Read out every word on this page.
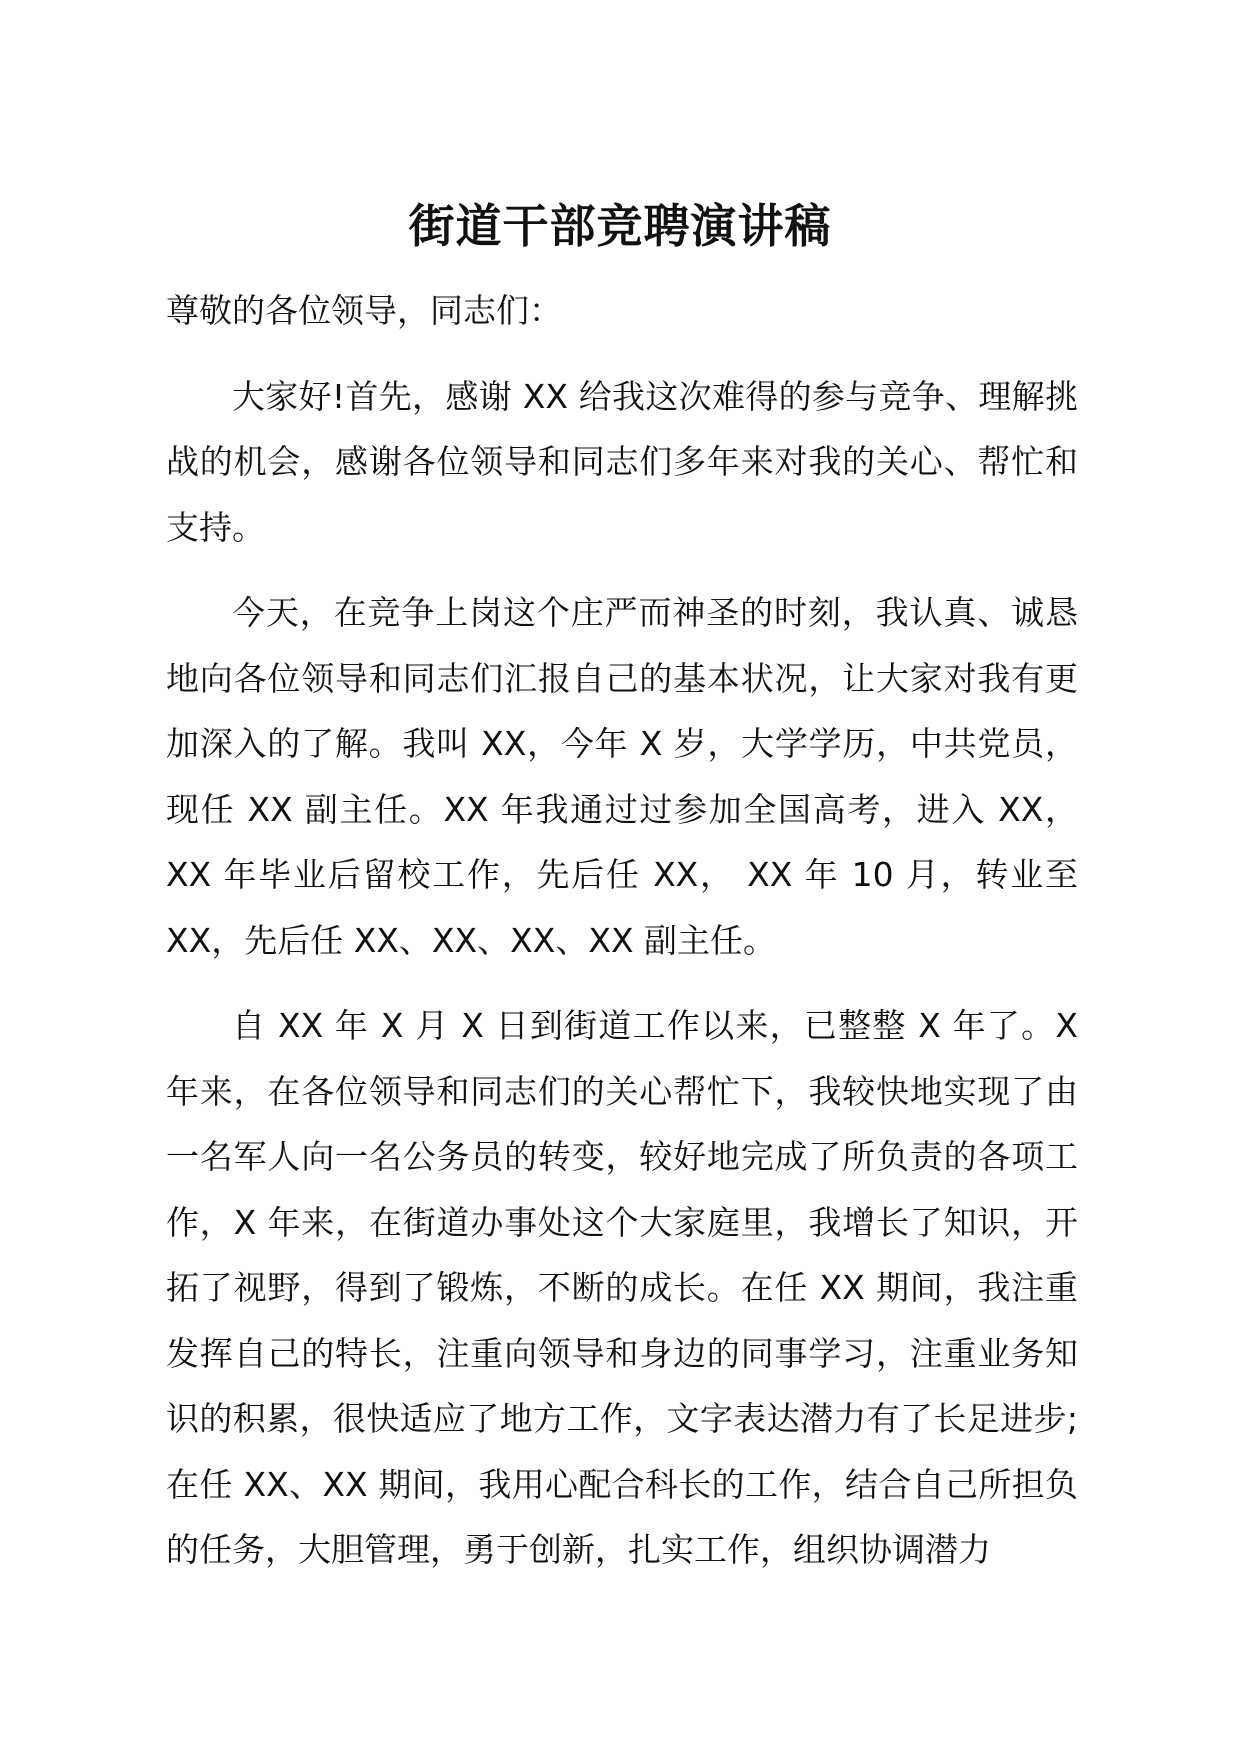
街道干部竞聘演讲稿

尊敬的各位领导，同志们：

大家好!首先，感谢 XX 给我这次难得的参与竞争、理解挑战的机会，感谢各位领导和同志们多年来对我的关心、帮忙和支持。

今天，在竞争上岗这个庄严而神圣的时刻，我认真、诚恳地向各位领导和同志们汇报自己的基本状况，让大家对我有更加深入的了解。我叫 XX，今年 X 岁，大学学历，中共党员，现任 XX 副主任。XX 年我通过过参加全国高考，进入 XX，XX 年毕业后留校工作，先后任 XX， XX 年 10 月，转业至 XX，先后任 XX、XX、XX、XX 副主任。

自 XX 年 X 月 X 日到街道工作以来，已整整 X 年了。X 年来，在各位领导和同志们的关心帮忙下，我较快地实现了由一名军人向一名公务员的转变，较好地完成了所负责的各项工作，X 年来，在街道办事处这个大家庭里，我增长了知识，开拓了视野，得到了锻炼，不断的成长。在任 XX 期间，我注重发挥自己的特长，注重向领导和身边的同事学习，注重业务知识的积累，很快适应了地方工作，文字表达潜力有了长足进步;在任 XX、XX 期间，我用心配合科长的工作，结合自己所担负的任务，大胆管理，勇于创新，扎实工作，组织协调潜力
